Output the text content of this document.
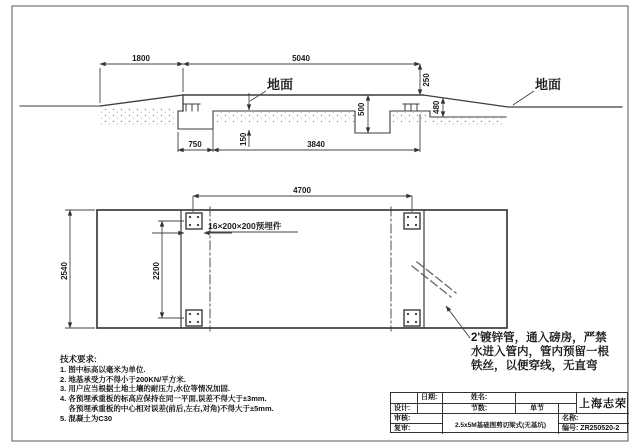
1800	5040
250
750	3840
150
500	480
地面	地面
4700
2540	2200
16×200×200预埋件
2'镀锌管，通入磅房，严禁
水进入管内，管内预留一根
铁丝，以便穿线，无直弯
技术要求:
1. 图中标高以毫米为单位.
2. 地基承受力不得小于200KN/平方米.
3. 用户应当根据土地土壤的耐压力,水位等情况加固.
4. 各预埋承重板的标高应保持在同一平面,误差不得大于±3mm.
各预埋承重板的中心相对误差(前后,左右,对角)不得大于±5mm.
5. 混凝土为C30
日期:	姓名:
上海志荣
设计:	节数:	单节
审核:
2.5x5M基础图剪切梁式(无基坑)
名称:
复审:	编号: ZR250520-2
